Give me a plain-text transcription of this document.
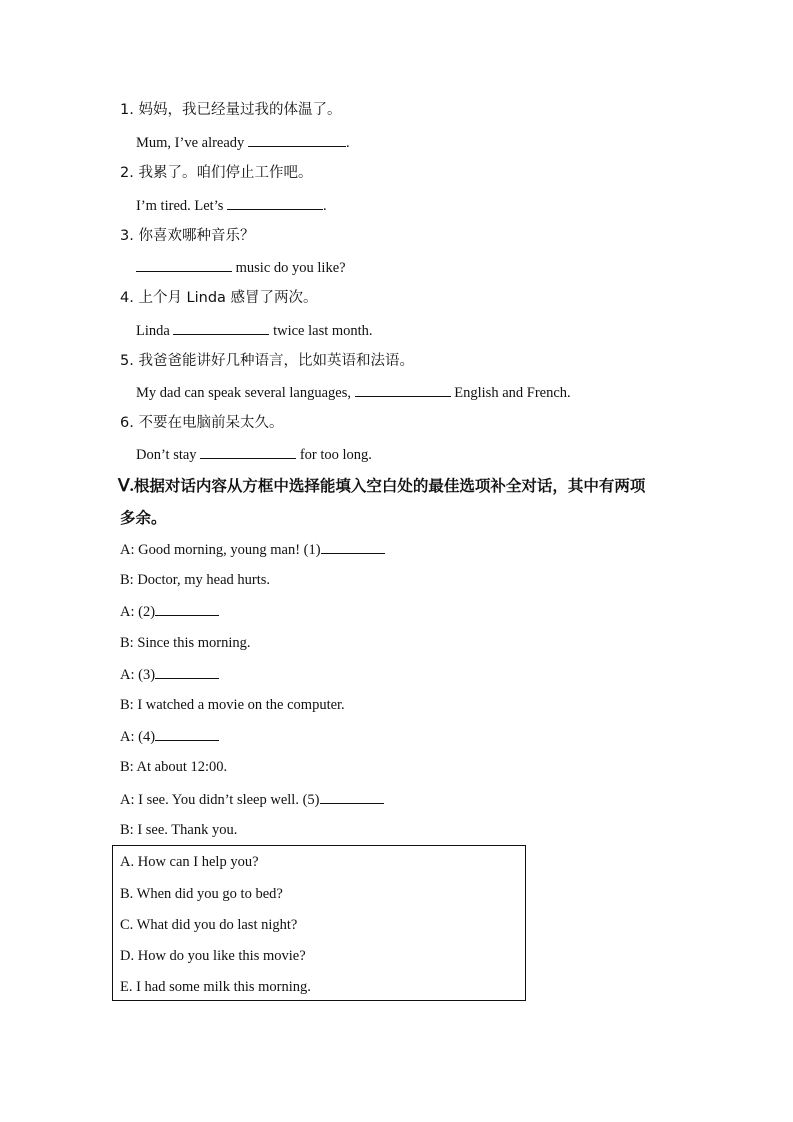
1. 妈妈，我已经量过我的体温了。
Mum, I’ve already	.
2. 我累了。咱们停止工作吧。
I’m tired. Let’s	.
3. 你喜欢哪种音乐？
music do you like?
4. 上个月 Linda 感冒了两次。
Linda	twice last month.
5. 我爸爸能讲好几种语言，比如英语和法语。
My dad can speak several languages,	English and French.
6. 不要在电脑前呆太久。
Don’t stay	for too long.
Ⅴ.根据对话内容从方框中选择能填入空白处的最佳选项补全对话，其中有两项
多余。
A: Good morning, young man! (1)
B: Doctor, my head hurts.
A: (2)
B: Since this morning.
A: (3)
B: I watched a movie on the computer.
A: (4)
B: At about 12:00.
A: I see. You didn’t sleep well. (5)
B: I see. Thank you.
A. How can I help you?
B. When did you go to bed?
C. What did you do last night?
D. How do you like this movie?
E. I had some milk this morning.
